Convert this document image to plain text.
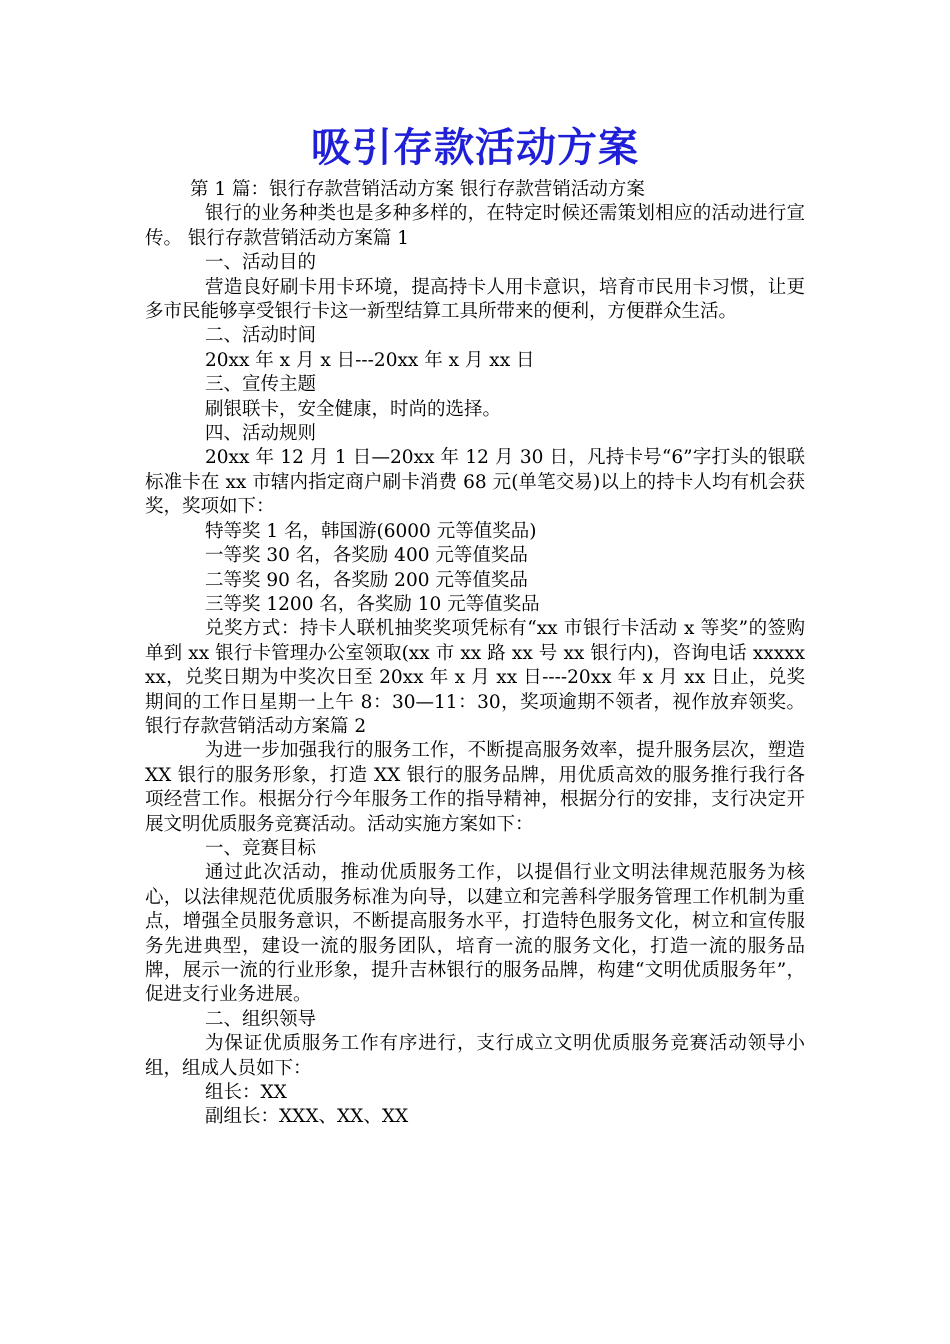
吸引存款活动方案

第 1 篇：银行存款营销活动方案 银行存款营销活动方案

银行的业务种类也是多种多样的，在特定时候还需策划相应的活动进行宣传。 银行存款营销活动方案篇 1

一、活动目的

营造良好刷卡用卡环境，提高持卡人用卡意识，培育市民用卡习惯，让更多市民能够享受银行卡这一新型结算工具所带来的便利，方便群众生活。

二、活动时间

20xx 年 x 月 x 日---20xx 年 x 月 xx 日

三、宣传主题

刷银联卡，安全健康，时尚的选择。

四、活动规则

20xx 年 12 月 1 日—20xx 年 12 月 30 日，凡持卡号“6”字打头的银联标准卡在 xx 市辖内指定商户刷卡消费 68 元(单笔交易)以上的持卡人均有机会获奖，奖项如下：

特等奖 1 名，韩国游(6000 元等值奖品)

一等奖 30 名，各奖励 400 元等值奖品

二等奖 90 名，各奖励 200 元等值奖品

三等奖 1200 名，各奖励 10 元等值奖品

兑奖方式：持卡人联机抽奖奖项凭标有“xx 市银行卡活动 x 等奖”的签购单到 xx 银行卡管理办公室领取(xx 市 xx 路 xx 号 xx 银行内)，咨询电话 xxxxxxx，兑奖日期为中奖次日至 20xx 年 x 月 xx 日----20xx 年 x 月 xx 日止，兑奖期间的工作日星期一上午 8：30—11：30，奖项逾期不领者，视作放弃领奖。 银行存款营销活动方案篇 2

为进一步加强我行的服务工作，不断提高服务效率，提升服务层次，塑造 XX 银行的服务形象，打造 XX 银行的服务品牌，用优质高效的服务推行我行各项经营工作。根据分行今年服务工作的指导精神，根据分行的安排，支行决定开展文明优质服务竞赛活动。活动实施方案如下：

一、竞赛目标

通过此次活动，推动优质服务工作，以提倡行业文明法律规范服务为核心，以法律规范优质服务标准为向导，以建立和完善科学服务管理工作机制为重点，增强全员服务意识，不断提高服务水平，打造特色服务文化，树立和宣传服务先进典型，建设一流的服务团队，培育一流的服务文化，打造一流的服务品牌，展示一流的行业形象，提升吉林银行的服务品牌，构建“文明优质服务年”，促进支行业务进展。

二、组织领导

为保证优质服务工作有序进行，支行成立文明优质服务竞赛活动领导小组，组成人员如下：

组长：XX

副组长：XXX、XX、XX
